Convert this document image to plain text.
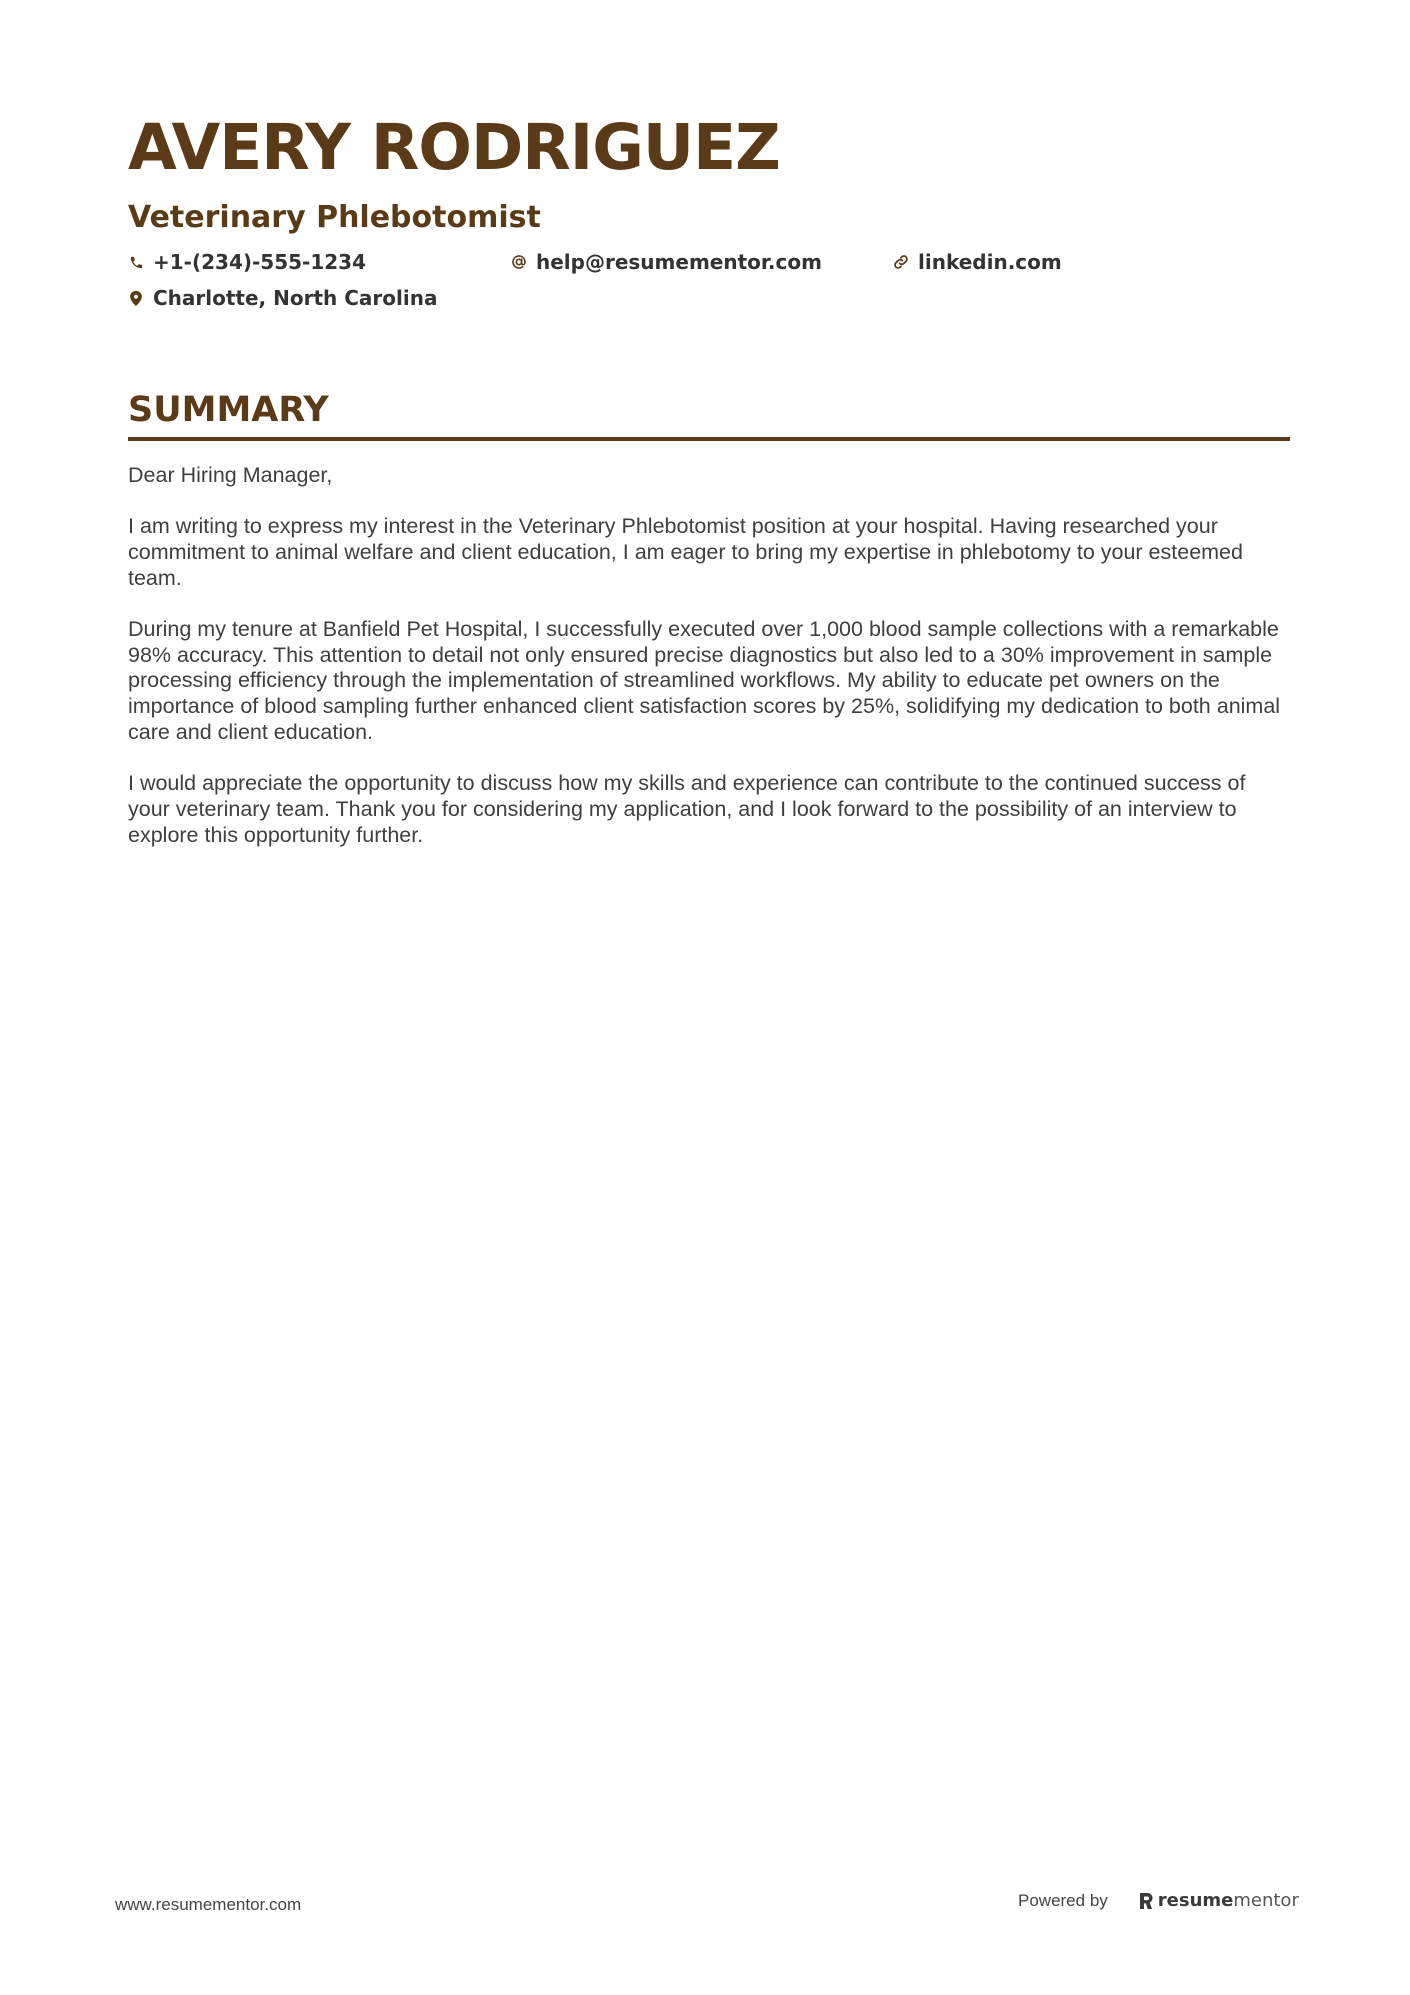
AVERY RODRIGUEZ
Veterinary Phlebotomist
+1-(234)-555-1234	help@resumementor.com	linkedin.com
Charlotte, North Carolina
SUMMARY

Dear Hiring Manager,

I am writing to express my interest in the Veterinary Phlebotomist position at your hospital. Having researched your commitment to animal welfare and client education, I am eager to bring my expertise in phlebotomy to your esteemed team.

During my tenure at Banfield Pet Hospital, I successfully executed over 1,000 blood sample collections with a remarkable 98% accuracy. This attention to detail not only ensured precise diagnostics but also led to a 30% improvement in sample processing efficiency through the implementation of streamlined workflows. My ability to educate pet owners on the importance of blood sampling further enhanced client satisfaction scores by 25%, solidifying my dedication to both animal care and client education.

I would appreciate the opportunity to discuss how my skills and experience can contribute to the continued success of your veterinary team. Thank you for considering my application, and I look forward to the possibility of an interview to explore this opportunity further.

www.resumementor.com	Powered by	resume mentor
